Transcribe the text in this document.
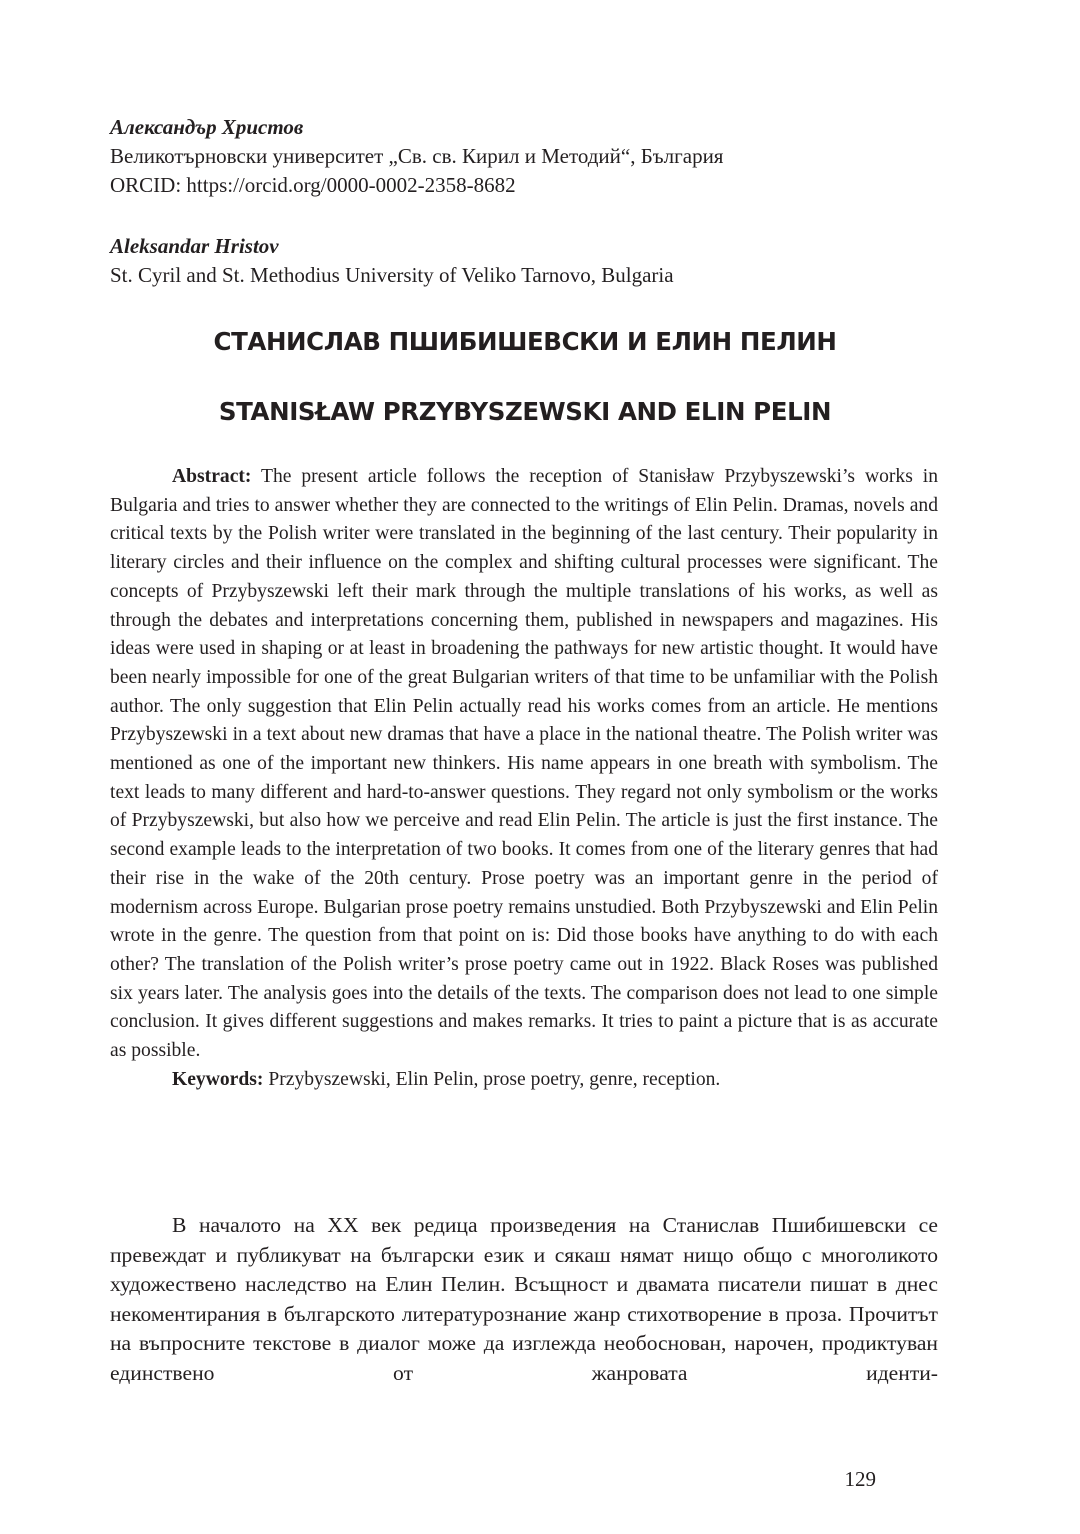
Александър Христов
Великотърновски университет „Св. св. Кирил и Методий“, България
ORCID: https://orcid.org/0000-0002-2358-8682
Aleksandar Hristov
St. Cyril and St. Methodius University of Veliko Tarnovo, Bulgaria
СТАНИСЛАВ ПШИБИШЕВСКИ И ЕЛИН ПЕЛИН
STANISŁAW PRZYBYSZEWSKI AND ELIN PELIN

Abstract: The present article follows the reception of Stanisław Przybyszewski’s works in Bulgaria and tries to answer whether they are connected to the writings of Elin Pelin. Dramas, novels and critical texts by the Polish writer were translated in the beginning of the last century. Their popularity in literary circles and their influence on the complex and shifting cultural processes were significant. The concepts of Przybyszewski left their mark through the multiple translations of his works, as well as through the debates and interpretations concerning them, published in newspapers and magazines. His ideas were used in shaping or at least in broadening the pathways for new artistic thought. It would have been nearly impossible for one of the great Bulgarian writers of that time to be unfamiliar with the Polish author. The only suggestion that Elin Pelin actually read his works comes from an article. He mentions Przybyszewski in a text about new dramas that have a place in the national theatre. The Polish writer was mentioned as one of the important new thinkers. His name appears in one breath with symbolism. The text leads to many different and hard-to-answer questions. They regard not only symbolism or the works of Przybyszewski, but also how we perceive and read Elin Pelin. The article is just the first instance. The second example leads to the interpretation of two books. It comes from one of the literary genres that had their rise in the wake of the 20th century. Prose poetry was an important genre in the period of modernism across Europe. Bulgarian prose poetry remains unstudied. Both Przybyszewski and Elin Pelin wrote in the genre. The question from that point on is: Did those books have anything to do with each other? The translation of the Polish writer’s prose poetry came out in 1922. Black Roses was published six years later. The analysis goes into the details of the texts. The comparison does not lead to one simple conclusion. It gives different suggestions and makes remarks. It tries to paint a picture that is as accurate as possible.

Keywords: Przybyszewski, Elin Pelin, prose poetry, genre, reception.

В началото на XX век редица произведения на Станислав Пшибишевски се превеждат и публикуват на български език и сякаш нямат нищо общо с многоликото художествено наследство на Елин Пелин. Всъщност и двамата писатели пишат в днес некоментирания в българското литературознание жанр стихотворение в проза. Прочитът на въпросните текстове в диалог може да изглежда необоснован, нарочен, продиктуван единствено от жанровата иденти-

129
